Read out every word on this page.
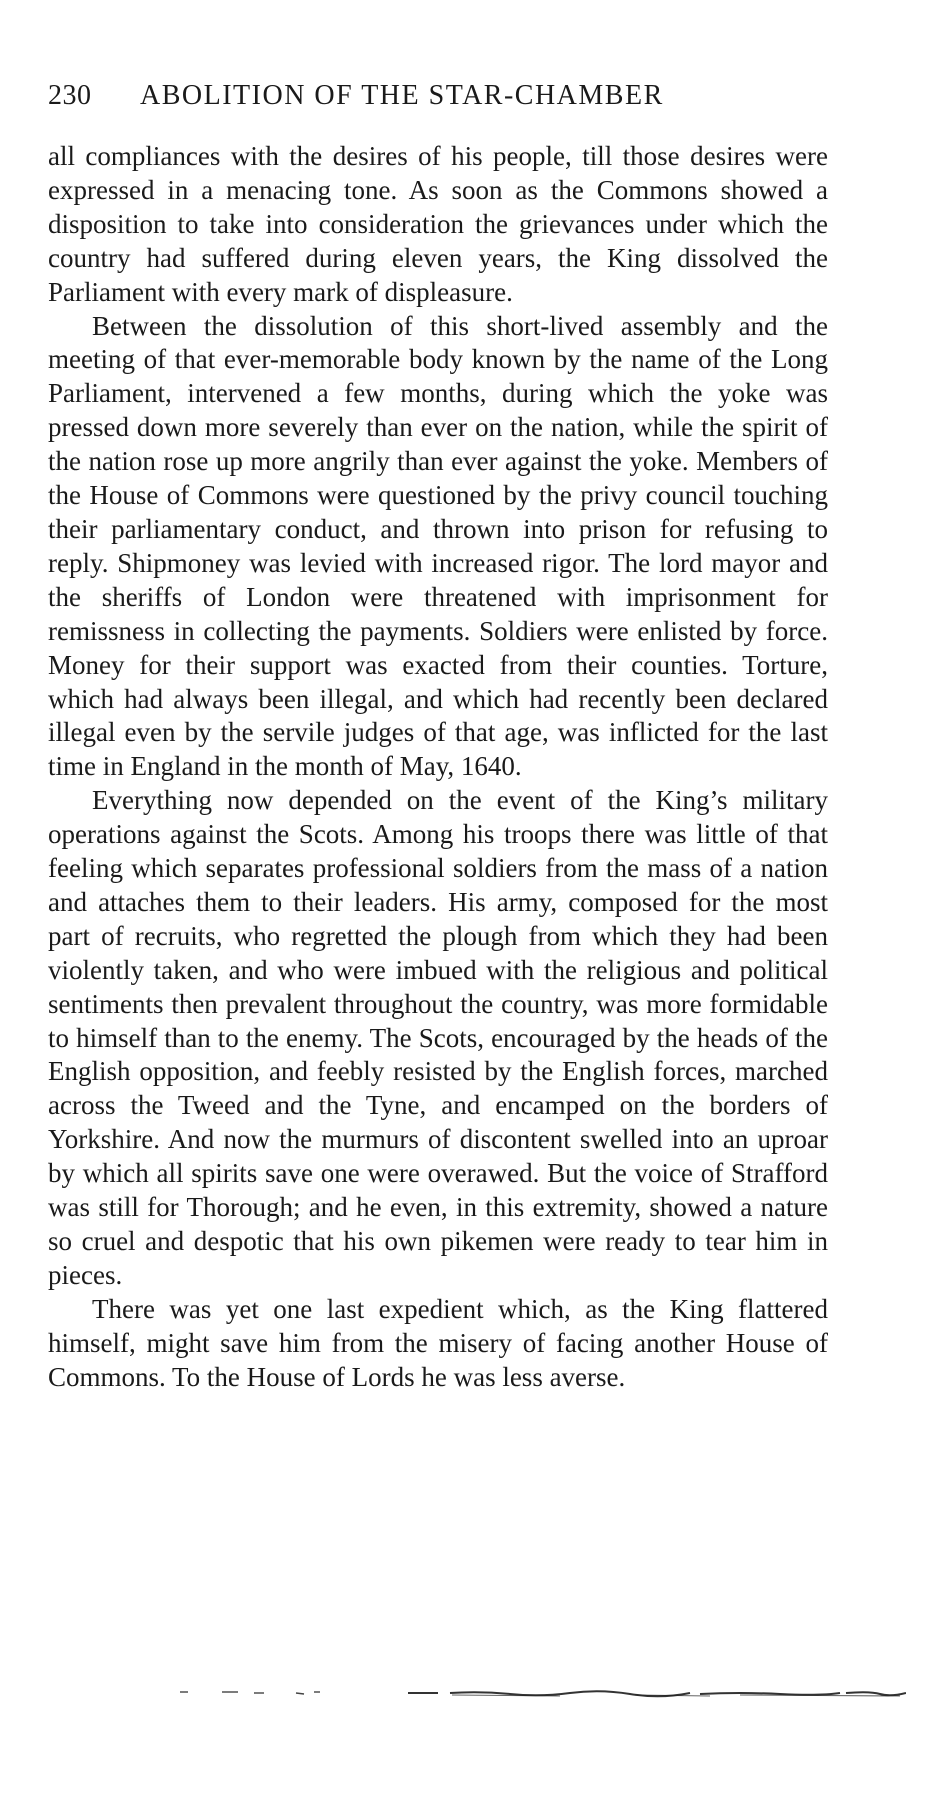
230	ABOLITION OF THE STAR-CHAMBER

all compliances with the desires of his people, till those desires were expressed in a menacing tone. As soon as the Commons showed a disposition to take into consideration the grievances under which the country had suffered during eleven years, the King dissolved the Parliament with every mark of displeasure.

Between the dissolution of this short-lived assembly and the meeting of that ever-memorable body known by the name of the Long Parliament, intervened a few months, during which the yoke was pressed down more severely than ever on the nation, while the spirit of the nation rose up more angrily than ever against the yoke. Members of the House of Commons were questioned by the privy council touching their parliamentary conduct, and thrown into prison for refusing to reply. Shipmoney was levied with increased rigor. The lord mayor and the sheriffs of London were threatened with imprisonment for remissness in collecting the payments. Soldiers were enlisted by force. Money for their support was exacted from their counties. Torture, which had always been illegal, and which had recently been declared illegal even by the servile judges of that age, was inflicted for the last time in England in the month of May, 1640.

Everything now depended on the event of the King’s military operations against the Scots. Among his troops there was little of that feeling which separates professional soldiers from the mass of a nation and attaches them to their leaders. His army, composed for the most part of recruits, who regretted the plough from which they had been violently taken, and who were imbued with the religious and political sentiments then prevalent throughout the country, was more formidable to himself than to the enemy. The Scots, encouraged by the heads of the English opposition, and feebly resisted by the English forces, marched across the Tweed and the Tyne, and encamped on the borders of Yorkshire. And now the murmurs of discontent swelled into an uproar by which all spirits save one were overawed. But the voice of Strafford was still for Thorough; and he even, in this extremity, showed a nature so cruel and despotic that his own pikemen were ready to tear him in pieces.

There was yet one last expedient which, as the King flattered himself, might save him from the misery of facing another House of Commons. To the House of Lords he was less averse.
